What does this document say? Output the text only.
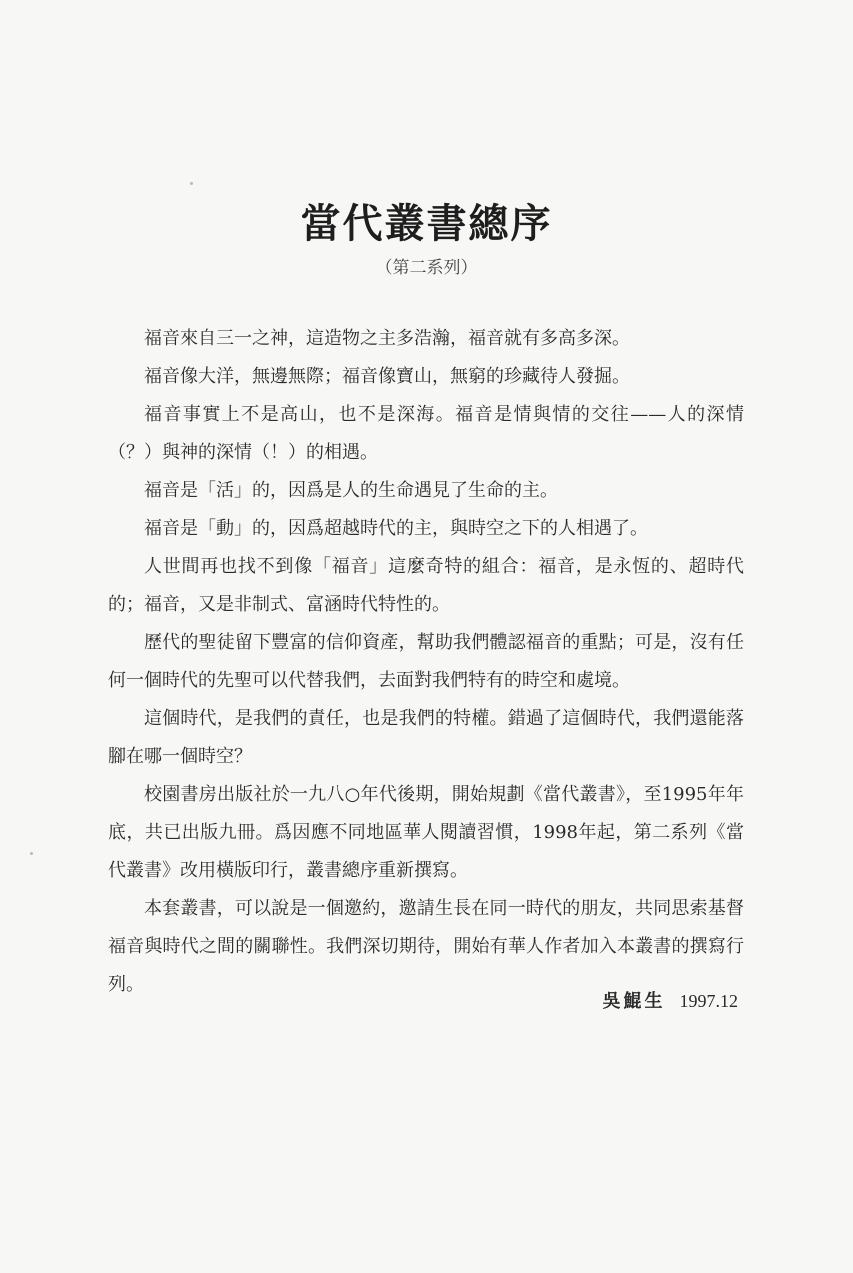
當代叢書總序
（第二系列）

福音來自三一之神，這造物之主多浩瀚，福音就有多高多深。

福音像大洋，無邊無際；福音像寶山，無窮的珍藏待人發掘。

福音事實上不是高山，也不是深海。福音是情與情的交往——人的深情（？）與神的深情（！）的相遇。

福音是「活」的，因爲是人的生命遇見了生命的主。

福音是「動」的，因爲超越時代的主，與時空之下的人相遇了。

人世間再也找不到像「福音」這麼奇特的組合：福音，是永恆的、超時代的；福音，又是非制式、富涵時代特性的。

歷代的聖徒留下豐富的信仰資產，幫助我們體認福音的重點；可是，沒有任何一個時代的先聖可以代替我們，去面對我們特有的時空和處境。

這個時代，是我們的責任，也是我們的特權。錯過了這個時代，我們還能落腳在哪一個時空？

校園書房出版社於一九八○年代後期，開始規劃《當代叢書》，至1995年年底，共已出版九冊。爲因應不同地區華人閱讀習慣，1998年起，第二系列《當代叢書》改用橫版印行，叢書總序重新撰寫。

本套叢書，可以說是一個邀約，邀請生長在同一時代的朋友，共同思索基督福音與時代之間的關聯性。我們深切期待，開始有華人作者加入本叢書的撰寫行列。

吳鯤生 1997.12
